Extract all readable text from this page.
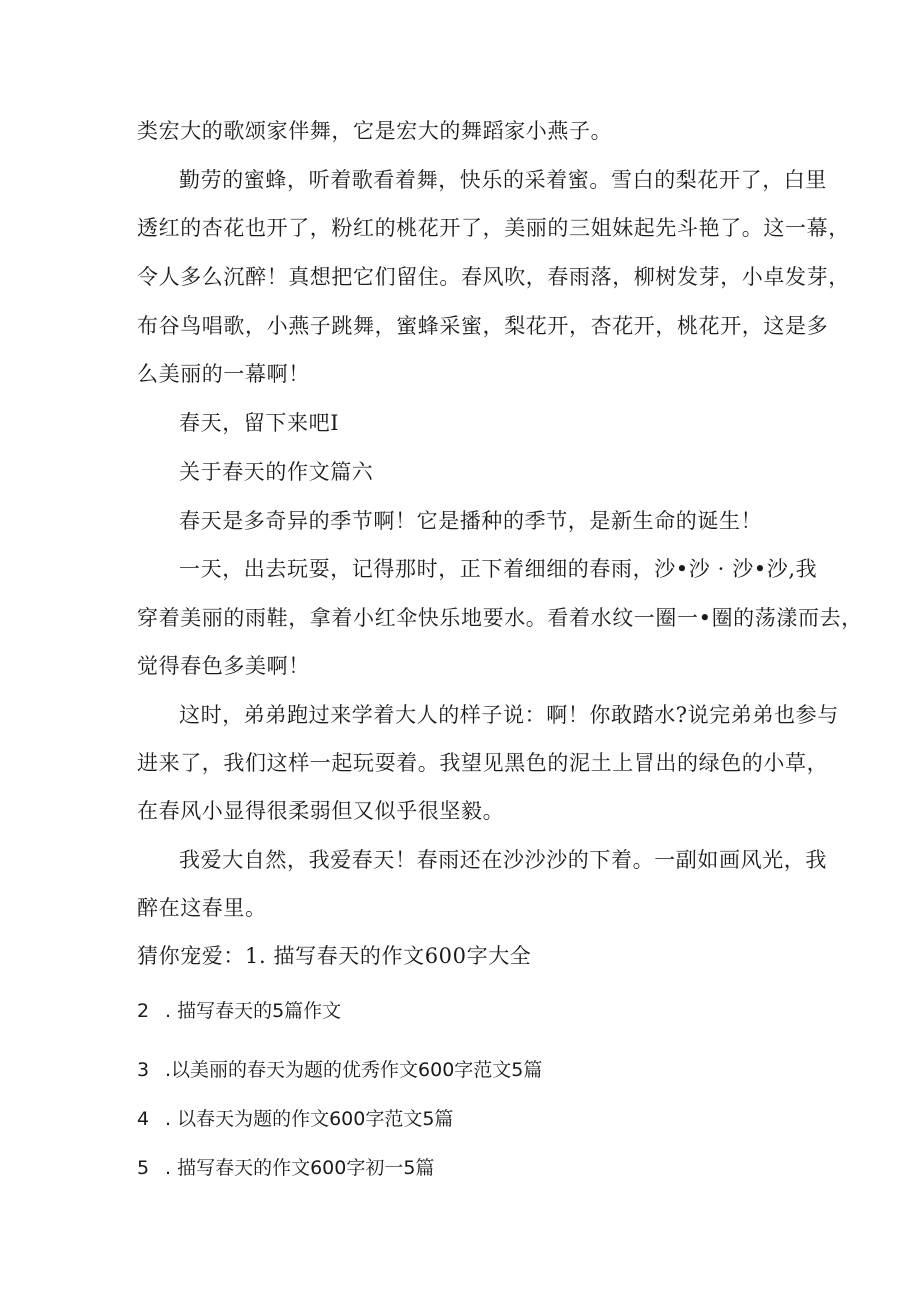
类宏大的歌颂家伴舞，它是宏大的舞蹈家小燕子。
勤劳的蜜蜂，听着歌看着舞，快乐的采着蜜。雪白的梨花开了，白里
透红的杏花也开了，粉红的桃花开了，美丽的三姐妹起先斗艳了。这一幕，
令人多么沉醉！真想把它们留住。春风吹，春雨落，柳树发芽，小卓发芽，
布谷鸟唱歌，小燕子跳舞，蜜蜂采蜜，梨花开，杏花开，桃花开，这是多
么美丽的一幕啊！
春天，留下来吧I
关于春天的作文篇六
春天是多奇异的季节啊！它是播种的季节，是新生命的诞生！
一天，出去玩耍，记得那时，正下着细细的春雨，沙•沙 · 沙•沙,我
穿着美丽的雨鞋，拿着小红伞快乐地要水。看着水纹一圈一•圈的荡漾而去，
觉得春色多美啊！
这时，弟弟跑过来学着大人的样子说：啊！你敢踏水?说完弟弟也参与
进来了，我们这样一起玩耍着。我望见黑色的泥土上冒出的绿色的小草，
在春风小显得很柔弱但又似乎很坚毅。
我爱大自然，我爱春天！春雨还在沙沙沙的下着。一副如画风光，我
醉在这春里。
猜你宠爱：1. 描写春天的作文600字大全
2 . 描写春天的5篇作文
3 .以美丽的春天为题的优秀作文600字范文5篇
4 . 以春天为题的作文600字范文5篇
5 . 描写春天的作文600字初一5篇
